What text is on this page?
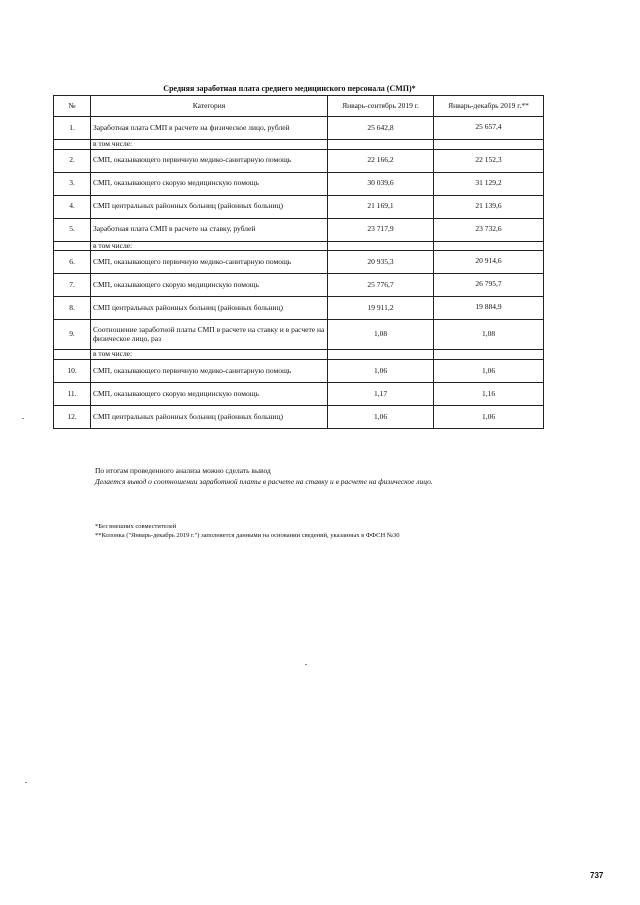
Средняя заработная плата среднего медицинского персонала (СМП)*
№	Категория	Январь-сентябрь 2019 г.	Январь-декабрь 2019 г.**
1.	Заработная плата СМП в расчете на физическое лицо, рублей	25 642,8	25 657,4

	в том числе:		
2.	СМП, оказывающего первичную медико-санитарную помощь	22 166,2	22 152,3

3.	СМП, оказывающего скорую медицинскую помощь	30 039,6	31 129,2

4.	СМП центральных районных больниц (районных больниц)	21 169,1	21 139,6

5.	Заработная плата СМП в расчете на ставку, рублей	23 717,9	23 732,6

	в том числе:		
6.	СМП, оказывающего первичную медико-санитарную помощь	20 935,3	20 914,6

7.	СМП, оказывающего скорую медицинскую помощь	25 776,7	26 795,7

8.	СМП центральных районных больниц (районных больниц)	19 911,2	19 884,9

9.	Соотношение заработной платы СМП в расчете на ставку и в расчете на физическое лицо, раз	1,08	1,08
	в том числе:		
10.	СМП, оказывающего первичную медико-санитарную помощь	1,06	1,06
11.	СМП, оказывающего скорую медицинскую помощь	1,17	1,16
12.	СМП центральных районных больниц (районных больниц)	1,06	1,06
По итогам проведенного анализа можно сделать вывод
Делается вывод о соотношении заработной платы в расчете на ставку и в расчете на физическое лицо.
*Без внешних совместителей
**Колонка ("Январь-декабрь 2019 г.") заполняется данными на основании сведений, указанных в ФФСН №30
737
